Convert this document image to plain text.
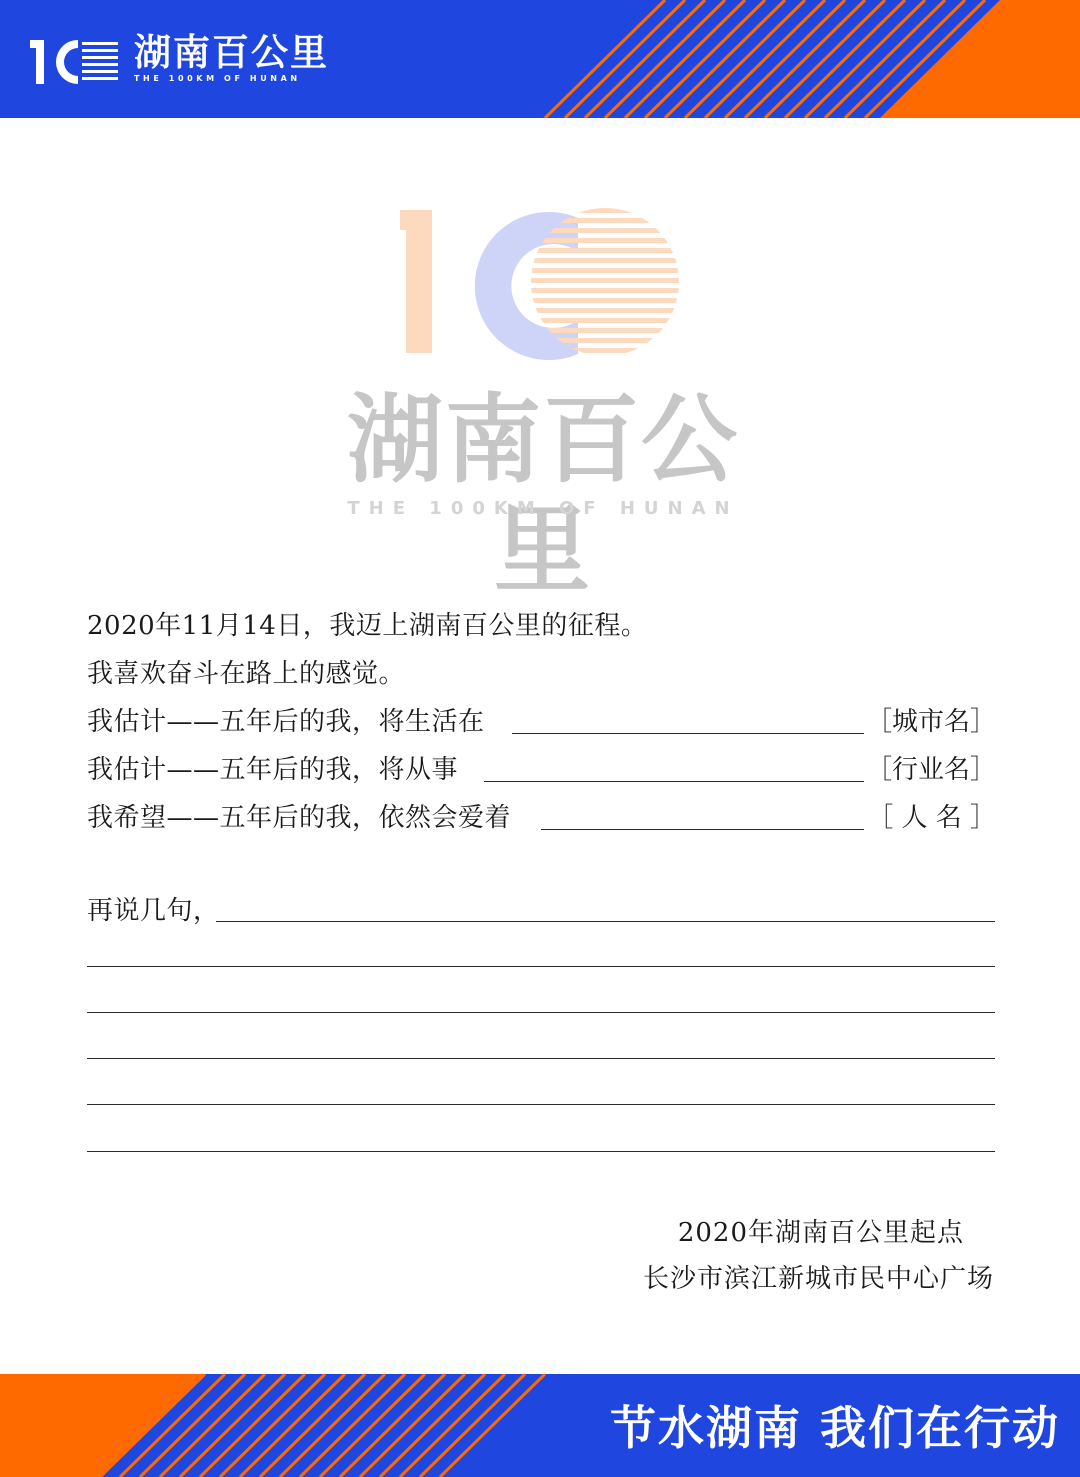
湖南百公里
THE 100KM OF HUNAN
湖南百公里
THE 100KM OF HUNAN
2020年11月14日，我迈上湖南百公里的征程。
我喜欢奋斗在路上的感觉。
我估计——五年后的我，将生活在	［城市名］
我估计——五年后的我，将从事	［行业名］
我希望——五年后的我，依然会爱着	［ 人 名 ］
再说几句，
2020年湖南百公里起点
长沙市滨江新城市民中心广场
节水湖南 我们在行动
